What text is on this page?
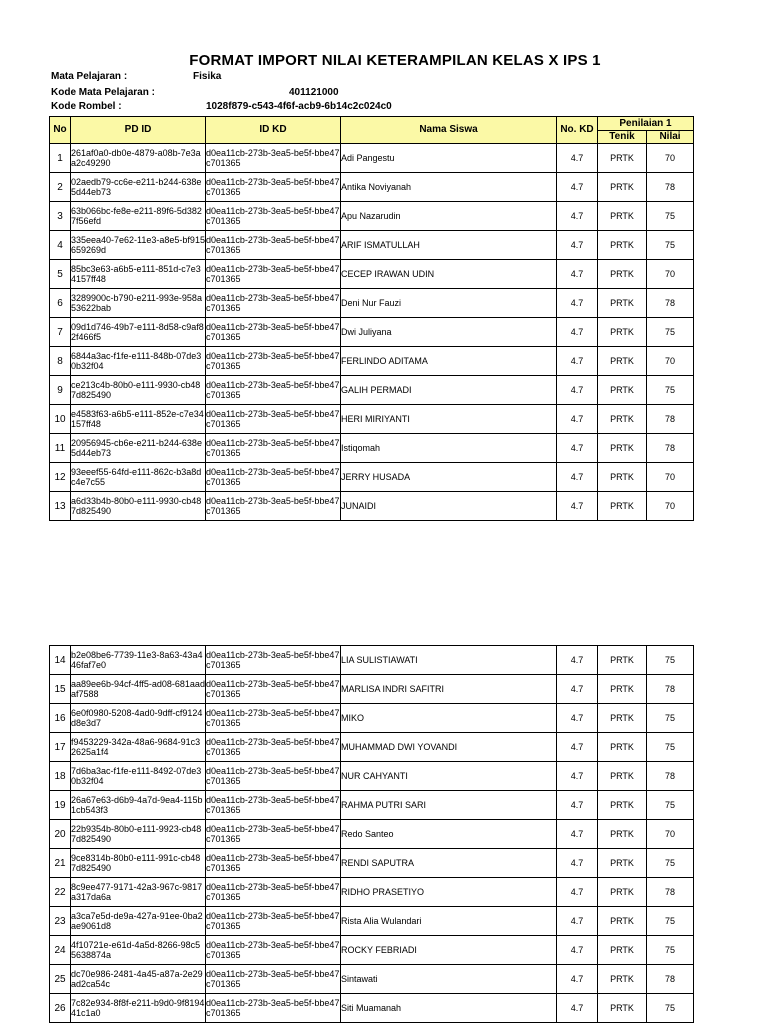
FORMAT IMPORT NILAI KETERAMPILAN KELAS X IPS 1
Mata Pelajaran :	Fisika
Kode Mata Pelajaran :	401121000
Kode Rombel :	1028f879-c543-4f6f-acb9-6b14c2c024c0
No	PD ID	ID KD	Nama Siswa	No. KD	Penilaian 1	
					Tenik	Nilai
1	261af0a0-db0e-4879-a08b-7e3aa2c49290	d0ea11cb-273b-3ea5-be5f-bbe47c701365	Adi Pangestu	4.7	PRTK	70
2	02aedb79-cc6e-e211-b244-638e5d44eb73	d0ea11cb-273b-3ea5-be5f-bbe47c701365	Antika Noviyanah	4.7	PRTK	78
3	63b066bc-fe8e-e211-89f6-5d3827f56efd	d0ea11cb-273b-3ea5-be5f-bbe47c701365	Apu Nazarudin	4.7	PRTK	75
4	335eea40-7e62-11e3-a8e5-bf915659269d	d0ea11cb-273b-3ea5-be5f-bbe47c701365	ARIF ISMATULLAH	4.7	PRTK	75
5	85bc3e63-a6b5-e111-851d-c7e34157ff48	d0ea11cb-273b-3ea5-be5f-bbe47c701365	CECEP IRAWAN UDIN	4.7	PRTK	70
6	3289900c-b790-e211-993e-958a53622bab	d0ea11cb-273b-3ea5-be5f-bbe47c701365	Deni Nur Fauzi	4.7	PRTK	78
7	09d1d746-49b7-e111-8d58-c9af82f466f5	d0ea11cb-273b-3ea5-be5f-bbe47c701365	Dwi Juliyana	4.7	PRTK	75
8	6844a3ac-f1fe-e111-848b-07de30b32f04	d0ea11cb-273b-3ea5-be5f-bbe47c701365	FERLINDO ADITAMA	4.7	PRTK	70
9	ce213c4b-80b0-e111-9930-cb487d825490	d0ea11cb-273b-3ea5-be5f-bbe47c701365	GALIH PERMADI	4.7	PRTK	75
10	e4583f63-a6b5-e111-852e-c7e34157ff48	d0ea11cb-273b-3ea5-be5f-bbe47c701365	HERI MIRIYANTI	4.7	PRTK	78
11	20956945-cb6e-e211-b244-638e5d44eb73	d0ea11cb-273b-3ea5-be5f-bbe47c701365	Istiqomah	4.7	PRTK	78
12	93eeef55-64fd-e111-862c-b3a8dc4e7c55	d0ea11cb-273b-3ea5-be5f-bbe47c701365	JERRY HUSADA	4.7	PRTK	70
13	a6d33b4b-80b0-e111-9930-cb487d825490	d0ea11cb-273b-3ea5-be5f-bbe47c701365	JUNAIDI	4.7	PRTK	70
14	b2e08be6-7739-11e3-8a63-43a446faf7e0	d0ea11cb-273b-3ea5-be5f-bbe47c701365	LIA SULISTIAWATI	4.7	PRTK	75
15	aa89ee6b-94cf-4ff5-ad08-681aadaf7588	d0ea11cb-273b-3ea5-be5f-bbe47c701365	MARLISA INDRI SAFITRI	4.7	PRTK	78
16	6e0f0980-5208-4ad0-9dff-cf9124d8e3d7	d0ea11cb-273b-3ea5-be5f-bbe47c701365	MIKO	4.7	PRTK	75
17	f9453229-342a-48a6-9684-91c32625a1f4	d0ea11cb-273b-3ea5-be5f-bbe47c701365	MUHAMMAD DWI YOVANDI	4.7	PRTK	75
18	7d6ba3ac-f1fe-e111-8492-07de30b32f04	d0ea11cb-273b-3ea5-be5f-bbe47c701365	NUR CAHYANTI	4.7	PRTK	78
19	26a67e63-d6b9-4a7d-9ea4-115b1cb543f3	d0ea11cb-273b-3ea5-be5f-bbe47c701365	RAHMA PUTRI SARI	4.7	PRTK	75
20	22b9354b-80b0-e111-9923-cb487d825490	d0ea11cb-273b-3ea5-be5f-bbe47c701365	Redo Santeo	4.7	PRTK	70
21	9ce8314b-80b0-e111-991c-cb487d825490	d0ea11cb-273b-3ea5-be5f-bbe47c701365	RENDI SAPUTRA	4.7	PRTK	75
22	8c9ee477-9171-42a3-967c-9817a317da6a	d0ea11cb-273b-3ea5-be5f-bbe47c701365	RIDHO PRASETIYO	4.7	PRTK	78
23	a3ca7e5d-de9a-427a-91ee-0ba2ae9061d8	d0ea11cb-273b-3ea5-be5f-bbe47c701365	Rista Alia Wulandari	4.7	PRTK	75
24	4f10721e-e61d-4a5d-8266-98c55638874a	d0ea11cb-273b-3ea5-be5f-bbe47c701365	ROCKY FEBRIADI	4.7	PRTK	75
25	dc70e986-2481-4a45-a87a-2e29ad2ca54c	d0ea11cb-273b-3ea5-be5f-bbe47c701365	Sintawati	4.7	PRTK	78
26	7c82e934-8f8f-e211-b9d0-9f819441c1a0	d0ea11cb-273b-3ea5-be5f-bbe47c701365	Siti Muamanah	4.7	PRTK	75
